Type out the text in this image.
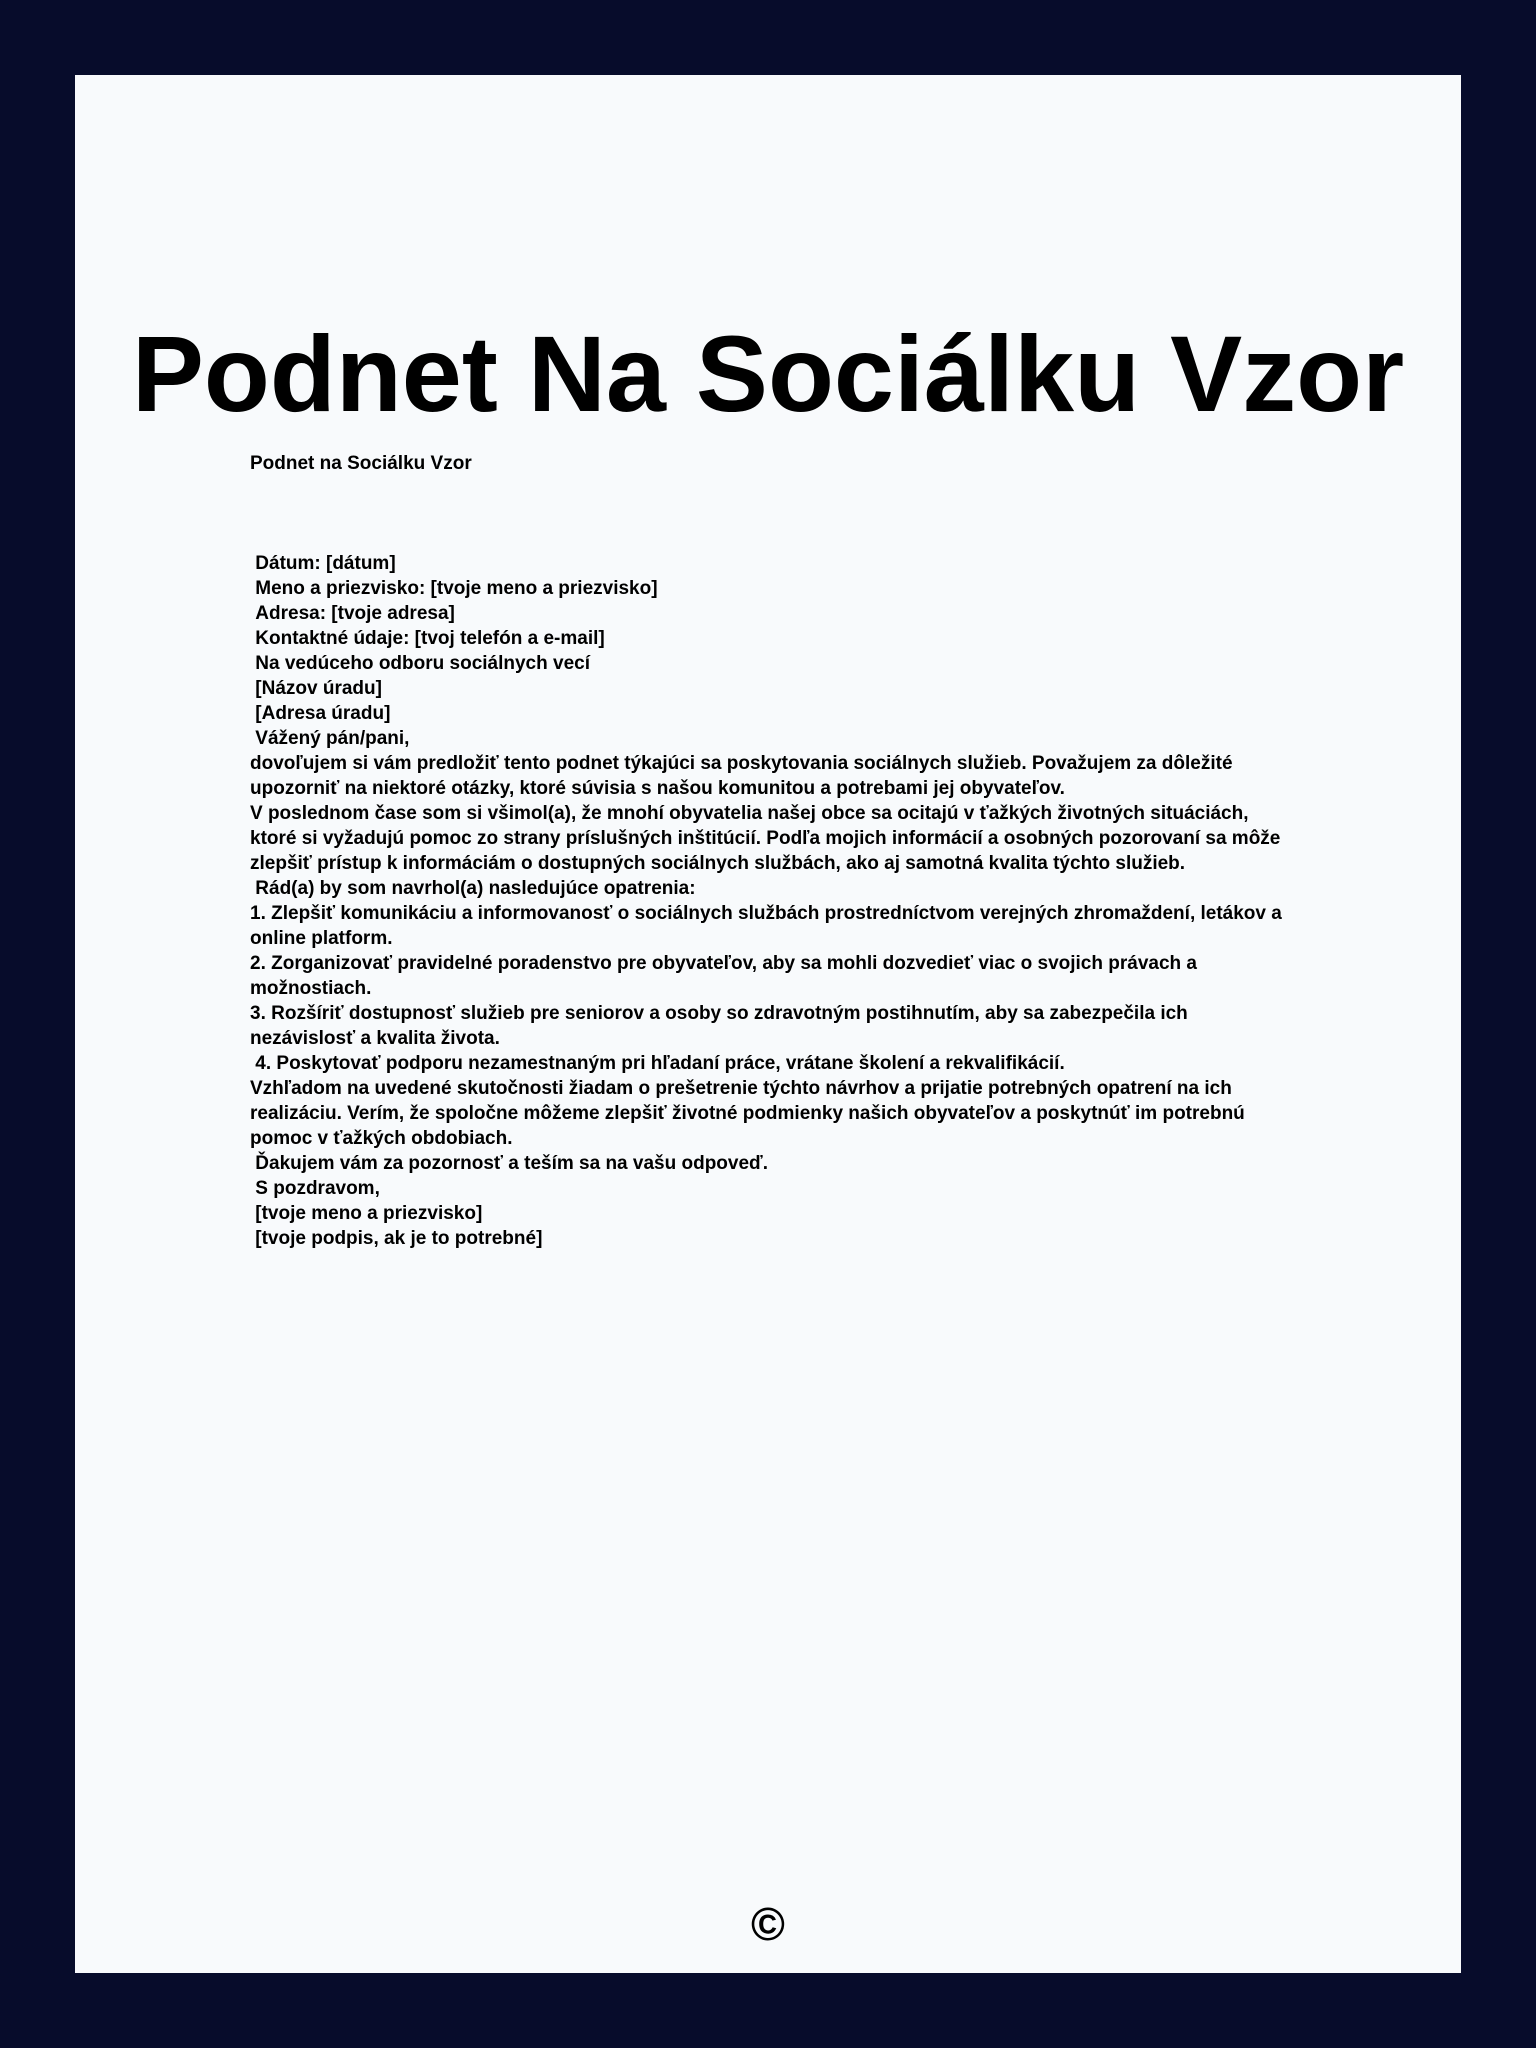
Podnet Na Sociálku Vzor

Podnet na Sociálku Vzor

Dátum: [dátum]
Meno a priezvisko: [tvoje meno a priezvisko]
Adresa: [tvoje adresa]
Kontaktné údaje: [tvoj telefón a e-mail]
Na vedúceho odboru sociálnych vecí
[Názov úradu]
[Adresa úradu]
Vážený pán/pani,
dovoľujem si vám predložiť tento podnet týkajúci sa poskytovania sociálnych služieb. Považujem za dôležité upozorniť na niektoré otázky, ktoré súvisia s našou komunitou a potrebami jej obyvateľov.
V poslednom čase som si všimol(a), že mnohí obyvatelia našej obce sa ocitajú v ťažkých životných situáciách, ktoré si vyžadujú pomoc zo strany príslušných inštitúcií. Podľa mojich informácií a osobných pozorovaní sa môže zlepšiť prístup k informáciám o dostupných sociálnych službách, ako aj samotná kvalita týchto služieb.
Rád(a) by som navrhol(a) nasledujúce opatrenia:
1. Zlepšiť komunikáciu a informovanosť o sociálnych službách prostredníctvom verejných zhromaždení, letákov a online platform.
2. Zorganizovať pravidelné poradenstvo pre obyvateľov, aby sa mohli dozvedieť viac o svojich právach a možnostiach.
3. Rozšíriť dostupnosť služieb pre seniorov a osoby so zdravotným postihnutím, aby sa zabezpečila ich nezávislosť a kvalita života.
4. Poskytovať podporu nezamestnaným pri hľadaní práce, vrátane školení a rekvalifikácií.
Vzhľadom na uvedené skutočnosti žiadam o prešetrenie týchto návrhov a prijatie potrebných opatrení na ich realizáciu. Verím, že spoločne môžeme zlepšiť životné podmienky našich obyvateľov a poskytnúť im potrebnú pomoc v ťažkých obdobiach.
Ďakujem vám za pozornosť a teším sa na vašu odpoveď.
S pozdravom,
[tvoje meno a priezvisko]
[tvoje podpis, ak je to potrebné]
©
